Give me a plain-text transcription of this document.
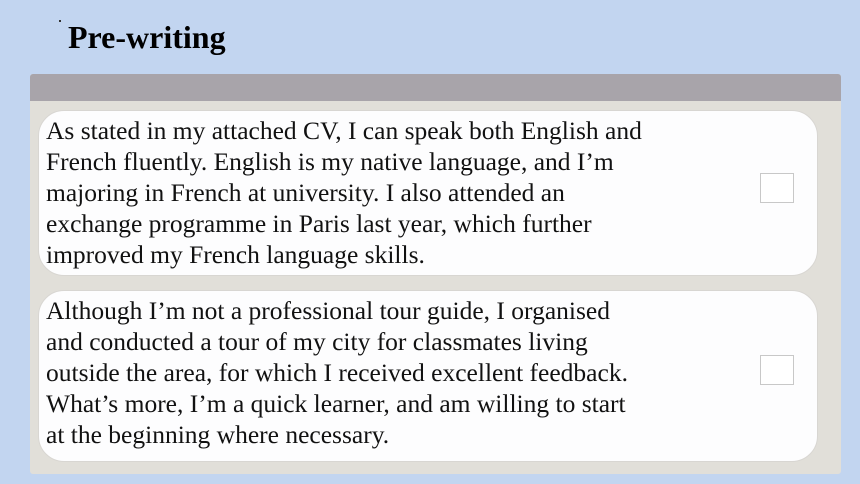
Pre-writing

As stated in my attached CV, I can speak both English and
French fluently. English is my native language, and I’m
majoring in French at university. I also attended an
exchange programme in Paris last year, which further
improved my French language skills.

Although I’m not a professional tour guide, I organised
and conducted a tour of my city for classmates living
outside the area, for which I received excellent feedback.
What’s more, I’m a quick learner, and am willing to start
at the beginning where necessary.
